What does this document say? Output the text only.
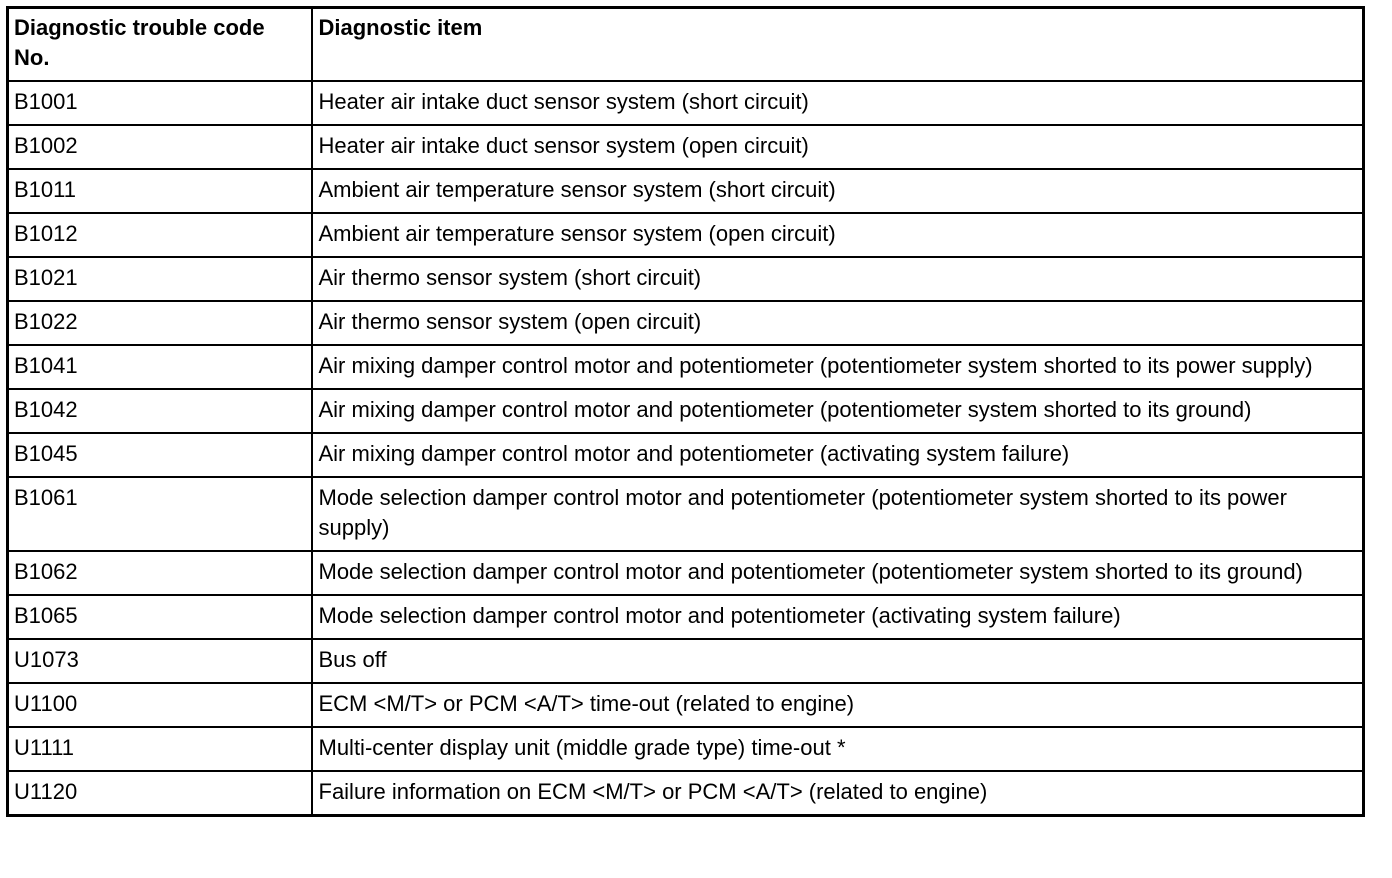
Diagnostic trouble code No.	Diagnostic item
B1001	Heater air intake duct sensor system (short circuit)
B1002	Heater air intake duct sensor system (open circuit)
B1011	Ambient air temperature sensor system (short circuit)
B1012	Ambient air temperature sensor system (open circuit)
B1021	Air thermo sensor system (short circuit)
B1022	Air thermo sensor system (open circuit)
B1041	Air mixing damper control motor and potentiometer (potentiometer system shorted to its power supply)
B1042	Air mixing damper control motor and potentiometer (potentiometer system shorted to its ground)
B1045	Air mixing damper control motor and potentiometer (activating system failure)
B1061	Mode selection damper control motor and potentiometer (potentiometer system shorted to its power supply)
B1062	Mode selection damper control motor and potentiometer (potentiometer system shorted to its ground)
B1065	Mode selection damper control motor and potentiometer (activating system failure)
U1073	Bus off
U1100	ECM <M/T> or PCM <A/T> time-out (related to engine)
U1111	Multi-center display unit (middle grade type) time-out *
U1120	Failure information on ECM <M/T> or PCM <A/T> (related to engine)
